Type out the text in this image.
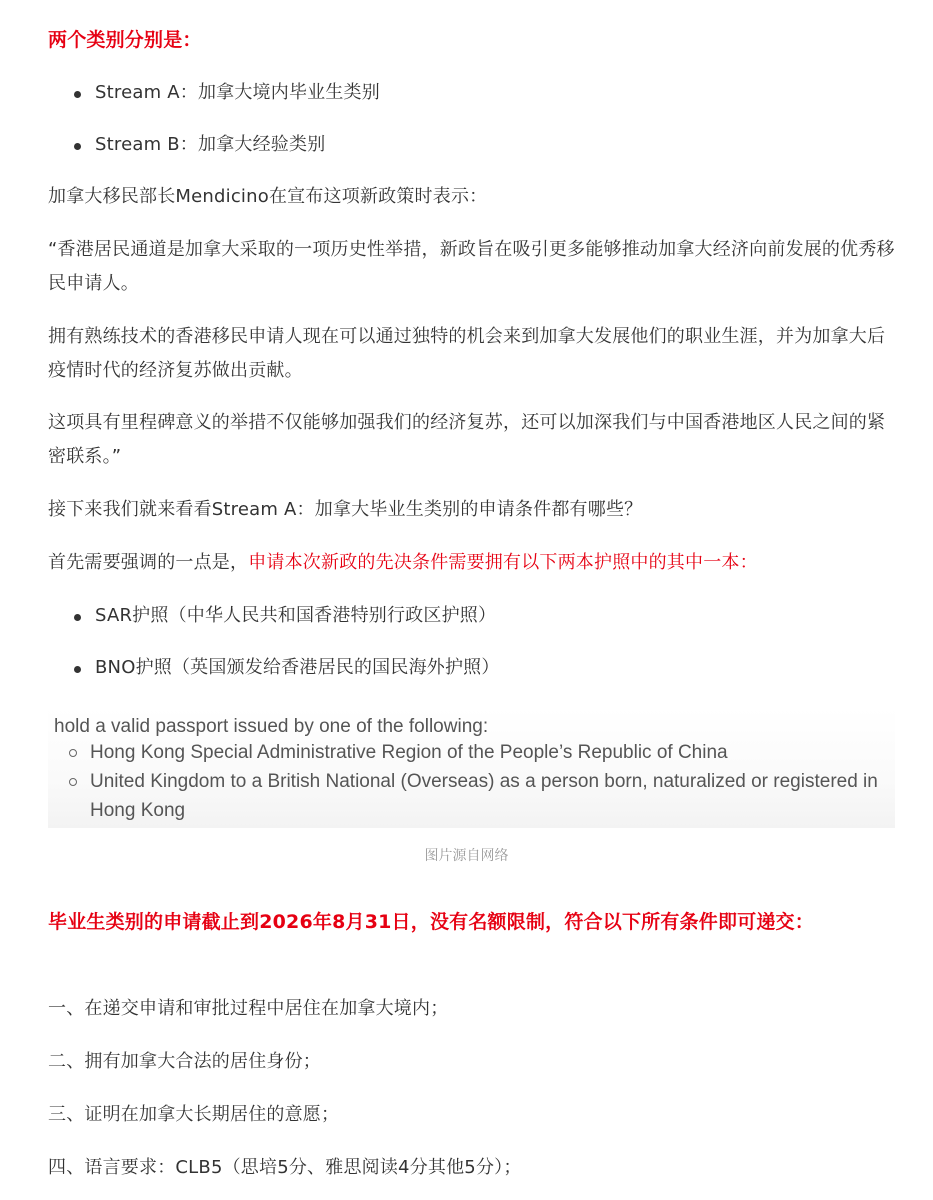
两个类别分别是：

Stream A：加拿大境内毕业生类别
Stream B：加拿大经验类别

加拿大移民部长Mendicino在宣布这项新政策时表示：

“香港居民通道是加拿大采取的一项历史性举措，新政旨在吸引更多能够推动加拿大经济向前发展的优秀移民申请人。

拥有熟练技术的香港移民申请人现在可以通过独特的机会来到加拿大发展他们的职业生涯，并为加拿大后疫情时代的经济复苏做出贡献。

这项具有里程碑意义的举措不仅能够加强我们的经济复苏，还可以加深我们与中国香港地区人民之间的紧密联系。”

接下来我们就来看看Stream A：加拿大毕业生类别的申请条件都有哪些？

首先需要强调的一点是，申请本次新政的先决条件需要拥有以下两本护照中的其中一本：

SAR护照（中华人民共和国香港特别行政区护照）
BNO护照（英国颁发给香港居民的国民海外护照）
hold a valid passport issued by one of the following:
Hong Kong Special Administrative Region of the People’s Republic of China
United Kingdom to a British National (Overseas) as a person born, naturalized or registered in Hong Kong
图片源自网络

毕业生类别的申请截止到2026年8月31日，没有名额限制，符合以下所有条件即可递交：

一、在递交申请和审批过程中居住在加拿大境内；

二、拥有加拿大合法的居住身份；

三、证明在加拿大长期居住的意愿；

四、语言要求：CLB5（思培5分、雅思阅读4分其他5分）；
